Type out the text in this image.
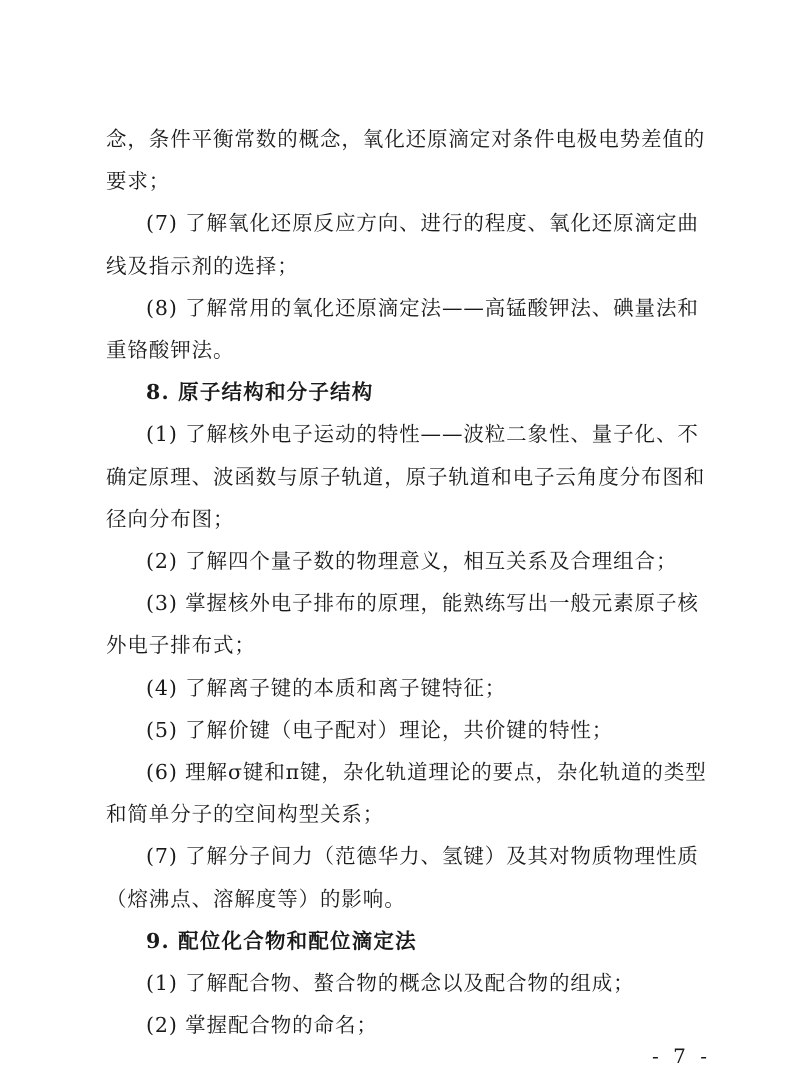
念，条件平衡常数的概念，氧化还原滴定对条件电极电势差值的
要求；
(7) 了解氧化还原反应方向、进行的程度、氧化还原滴定曲
线及指示剂的选择；
(8) 了解常用的氧化还原滴定法——高锰酸钾法、碘量法和
重铬酸钾法。
8. 原子结构和分子结构
(1) 了解核外电子运动的特性——波粒二象性、量子化、不
确定原理、波函数与原子轨道，原子轨道和电子云角度分布图和
径向分布图；
(2) 了解四个量子数的物理意义，相互关系及合理组合；
(3) 掌握核外电子排布的原理，能熟练写出一般元素原子核
外电子排布式；
(4) 了解离子键的本质和离子键特征；
(5) 了解价键（电子配对）理论，共价键的特性；
(6) 理解σ键和π键，杂化轨道理论的要点，杂化轨道的类型
和简单分子的空间构型关系；
(7) 了解分子间力（范德华力、氢键）及其对物质物理性质
（熔沸点、溶解度等）的影响。
9. 配位化合物和配位滴定法
(1) 了解配合物、螯合物的概念以及配合物的组成；
(2) 掌握配合物的命名；
- 7 -
